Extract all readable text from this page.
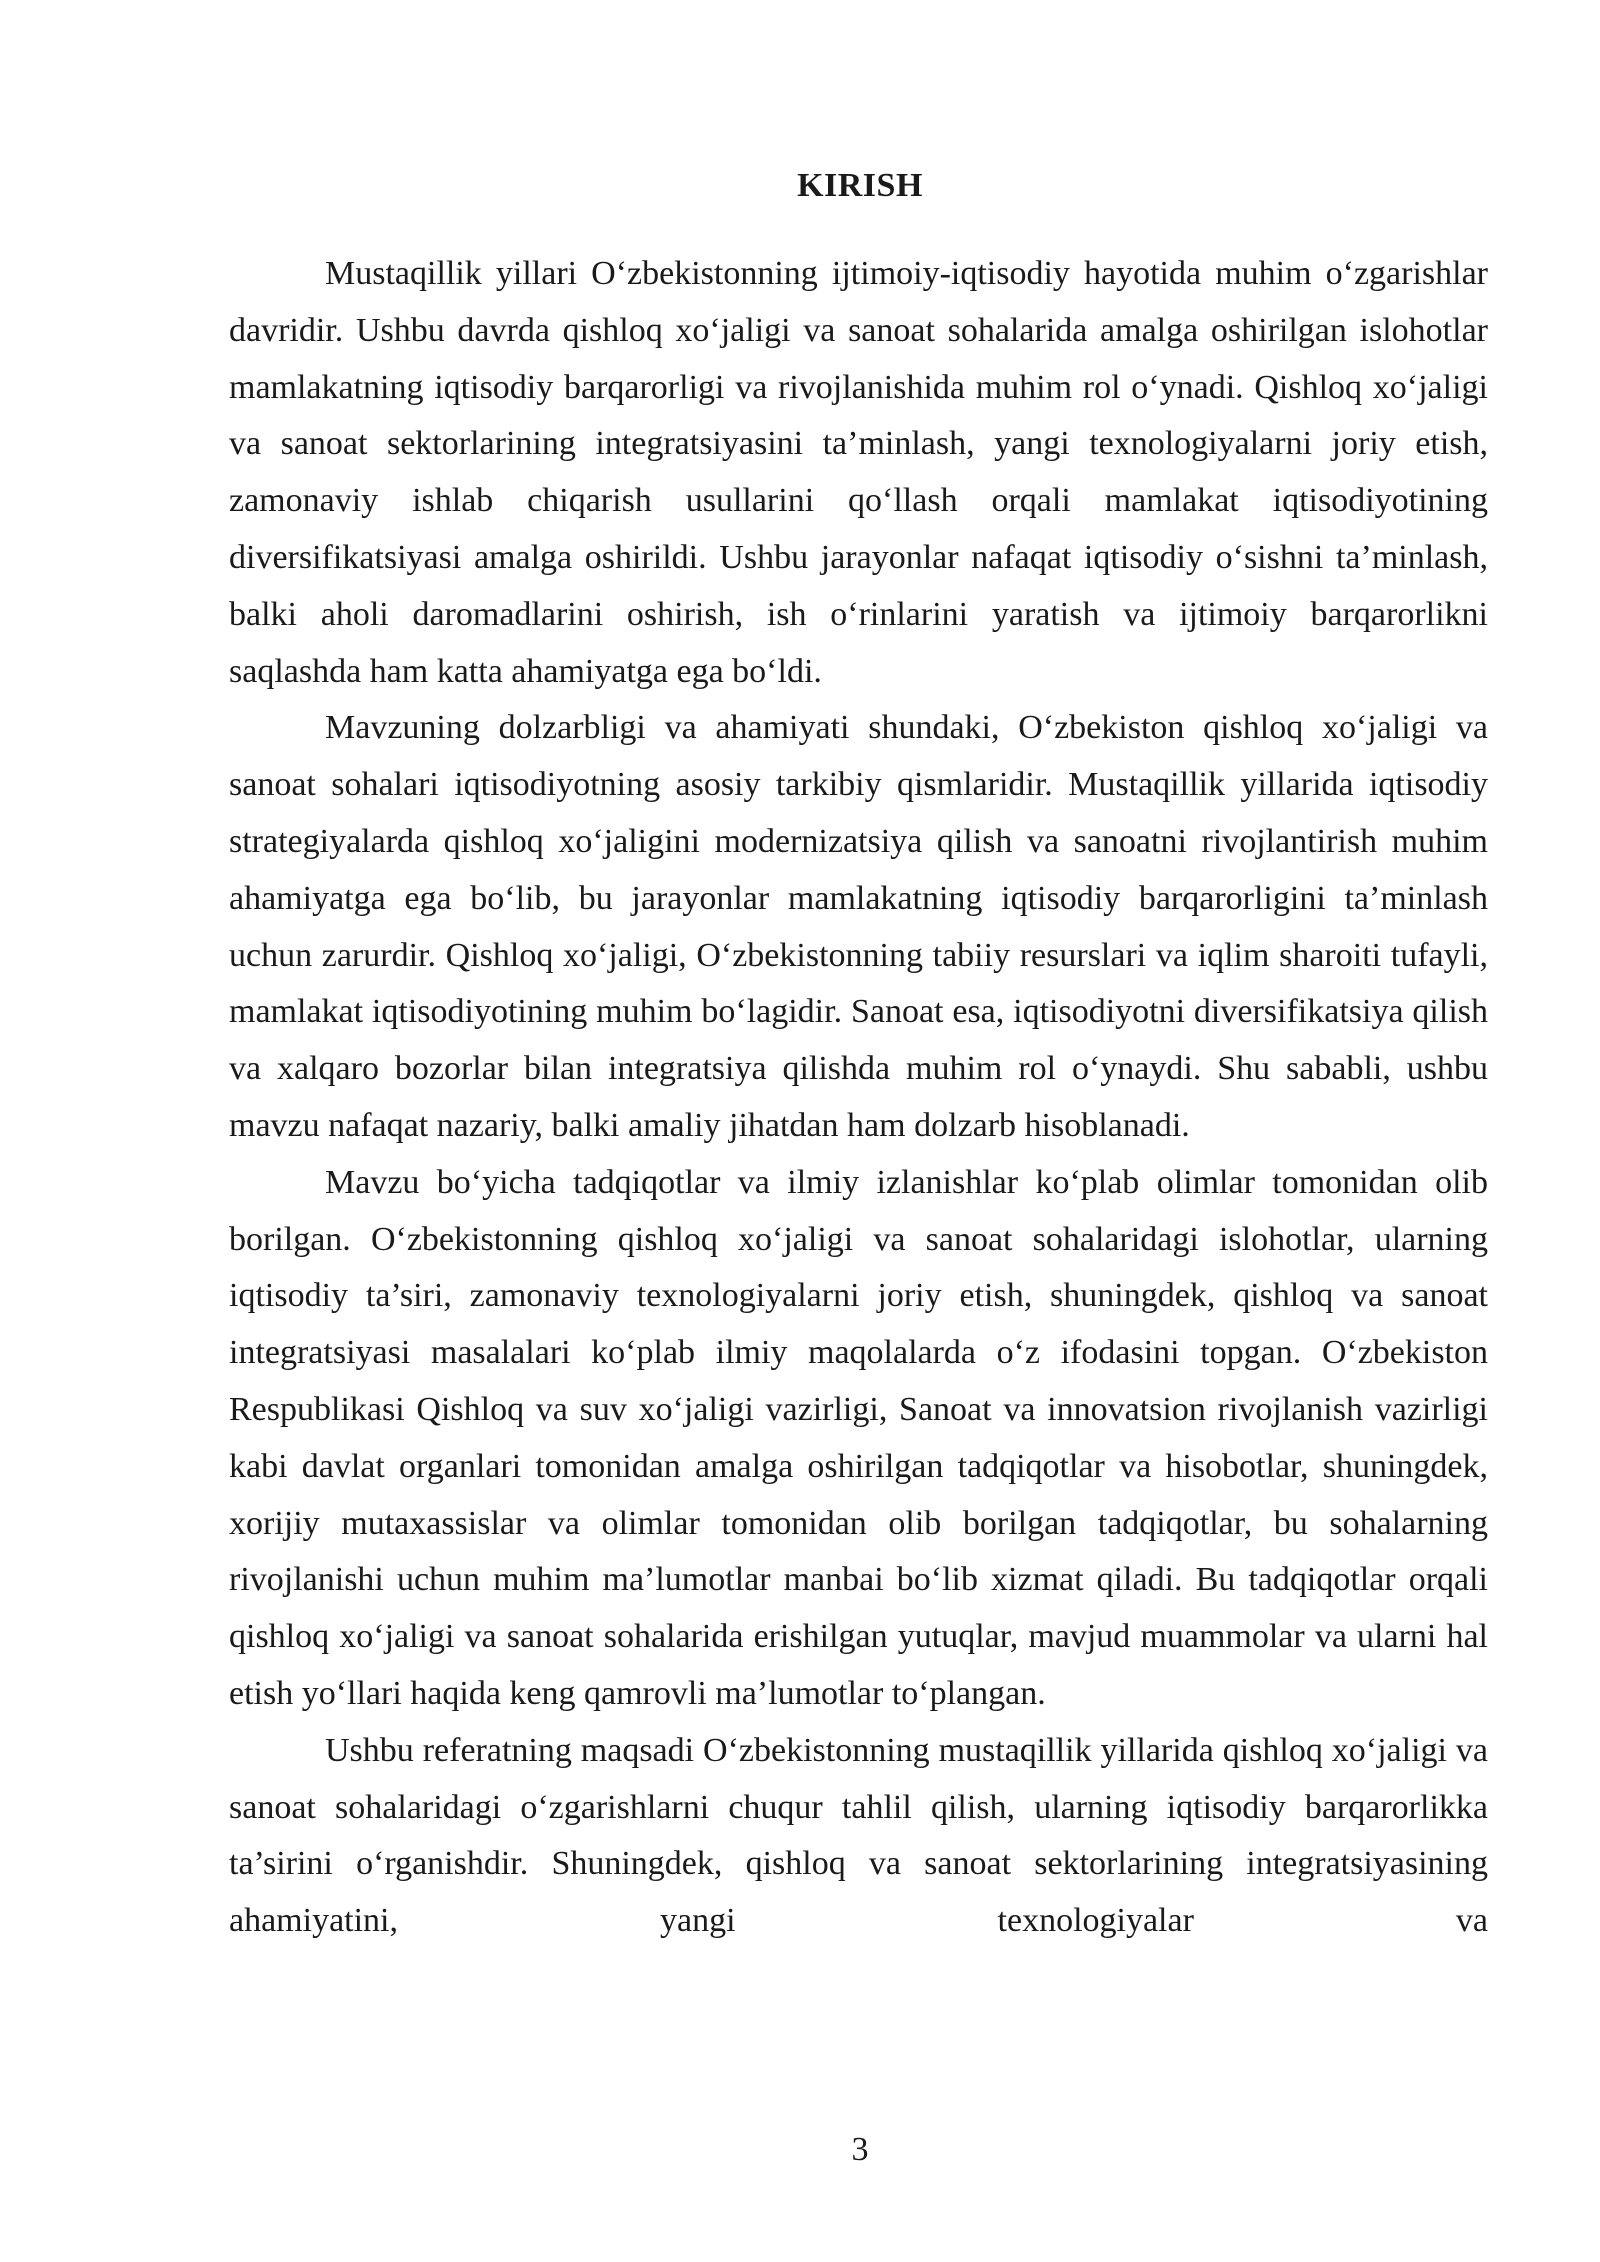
KIRISH

Mustaqillik yillari O‘zbekistonning ijtimoiy-iqtisodiy hayotida muhim o‘zgarishlar davridir. Ushbu davrda qishloq xo‘jaligi va sanoat sohalarida amalga oshirilgan islohotlar mamlakatning iqtisodiy barqarorligi va rivojlanishida muhim rol o‘ynadi. Qishloq xo‘jaligi va sanoat sektorlarining integratsiyasini ta’minlash, yangi texnologiyalarni joriy etish, zamonaviy ishlab chiqarish usullarini qo‘llash orqali mamlakat iqtisodiyotining diversifikatsiyasi amalga oshirildi. Ushbu jarayonlar nafaqat iqtisodiy o‘sishni ta’minlash, balki aholi daromadlarini oshirish, ish o‘rinlarini yaratish va ijtimoiy barqarorlikni saqlashda ham katta ahamiyatga ega bo‘ldi.

Mavzuning dolzarbligi va ahamiyati shundaki, O‘zbekiston qishloq xo‘jaligi va sanoat sohalari iqtisodiyotning asosiy tarkibiy qismlaridir. Mustaqillik yillarida iqtisodiy strategiyalarda qishloq xo‘jaligini modernizatsiya qilish va sanoatni rivojlantirish muhim ahamiyatga ega bo‘lib, bu jarayonlar mamlakatning iqtisodiy barqarorligini ta’minlash uchun zarurdir. Qishloq xo‘jaligi, O‘zbekistonning tabiiy resurslari va iqlim sharoiti tufayli, mamlakat iqtisodiyotining muhim bo‘lagidir. Sanoat esa, iqtisodiyotni diversifikatsiya qilish va xalqaro bozorlar bilan integratsiya qilishda muhim rol o‘ynaydi. Shu sababli, ushbu mavzu nafaqat nazariy, balki amaliy jihatdan ham dolzarb hisoblanadi.

Mavzu bo‘yicha tadqiqotlar va ilmiy izlanishlar ko‘plab olimlar tomonidan olib borilgan. O‘zbekistonning qishloq xo‘jaligi va sanoat sohalaridagi islohotlar, ularning iqtisodiy ta’siri, zamonaviy texnologiyalarni joriy etish, shuningdek, qishloq va sanoat integratsiyasi masalalari ko‘plab ilmiy maqolalarda o‘z ifodasini topgan. O‘zbekiston Respublikasi Qishloq va suv xo‘jaligi vazirligi, Sanoat va innovatsion rivojlanish vazirligi kabi davlat organlari tomonidan amalga oshirilgan tadqiqotlar va hisobotlar, shuningdek, xorijiy mutaxassislar va olimlar tomonidan olib borilgan tadqiqotlar, bu sohalarning rivojlanishi uchun muhim ma’lumotlar manbai bo‘lib xizmat qiladi. Bu tadqiqotlar orqali qishloq xo‘jaligi va sanoat sohalarida erishilgan yutuqlar, mavjud muammolar va ularni hal etish yo‘llari haqida keng qamrovli ma’lumotlar to‘plangan.

Ushbu referatning maqsadi O‘zbekistonning mustaqillik yillarida qishloq xo‘jaligi va sanoat sohalaridagi o‘zgarishlarni chuqur tahlil qilish, ularning iqtisodiy barqarorlikka ta’sirini o‘rganishdir. Shuningdek, qishloq va sanoat sektorlarining integratsiyasining ahamiyatini, yangi texnologiyalar va

3
